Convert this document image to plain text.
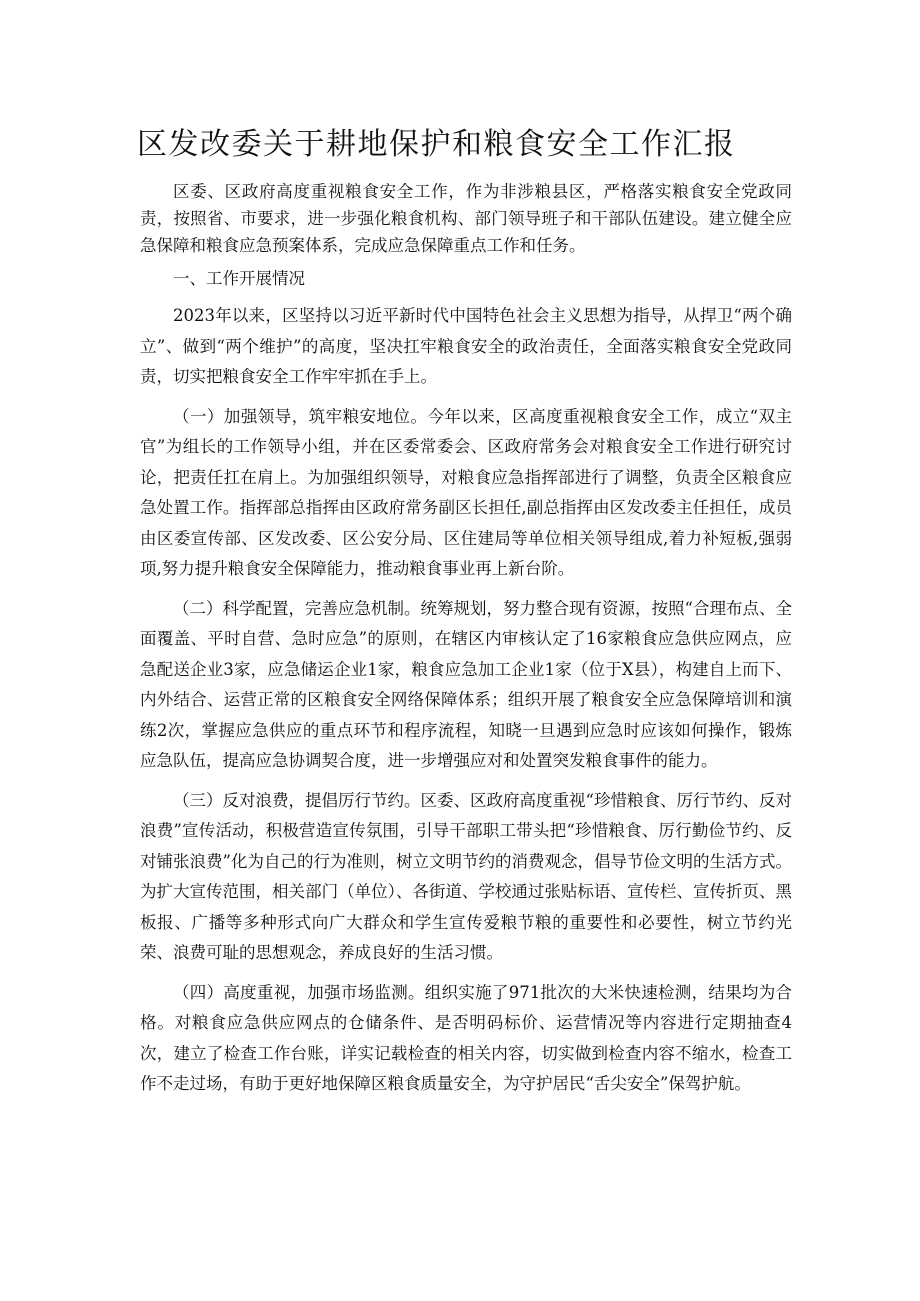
区发改委关于耕地保护和粮食安全工作汇报

区委、区政府高度重视粮食安全工作，作为非涉粮县区，严格落实粮食安全党政同责，按照省、市要求，进一步强化粮食机构、部门领导班子和干部队伍建设。建立健全应急保障和粮食应急预案体系，完成应急保障重点工作和任务。

一、工作开展情况

2023年以来，区坚持以习近平新时代中国特色社会主义思想为指导，从捍卫“两个确立”、做到“两个维护”的高度，坚决扛牢粮食安全的政治责任，全面落实粮食安全党政同责，切实把粮食安全工作牢牢抓在手上。

（一）加强领导，筑牢粮安地位。今年以来，区高度重视粮食安全工作，成立“双主官”为组长的工作领导小组，并在区委常委会、区政府常务会对粮食安全工作进行研究讨论，把责任扛在肩上。为加强组织领导，对粮食应急指挥部进行了调整，负责全区粮食应急处置工作。指挥部总指挥由区政府常务副区长担任,副总指挥由区发改委主任担任，成员由区委宣传部、区发改委、区公安分局、区住建局等单位相关领导组成,着力补短板,强弱项,努力提升粮食安全保障能力，推动粮食事业再上新台阶。

（二）科学配置，完善应急机制。统筹规划，努力整合现有资源，按照“合理布点、全面覆盖、平时自营、急时应急”的原则，在辖区内审核认定了16家粮食应急供应网点，应急配送企业3家，应急储运企业1家，粮食应急加工企业1家（位于X县），构建自上而下、内外结合、运营正常的区粮食安全网络保障体系；组织开展了粮食安全应急保障培训和演练2次，掌握应急供应的重点环节和程序流程，知晓一旦遇到应急时应该如何操作，锻炼应急队伍，提高应急协调契合度，进一步增强应对和处置突发粮食事件的能力。

（三）反对浪费，提倡厉行节约。区委、区政府高度重视“珍惜粮食、厉行节约、反对浪费”宣传活动，积极营造宣传氛围，引导干部职工带头把“珍惜粮食、厉行勤俭节约、反对铺张浪费”化为自己的行为准则，树立文明节约的消费观念，倡导节俭文明的生活方式。为扩大宣传范围，相关部门（单位）、各街道、学校通过张贴标语、宣传栏、宣传折页、黑板报、广播等多种形式向广大群众和学生宣传爱粮节粮的重要性和必要性，树立节约光荣、浪费可耻的思想观念，养成良好的生活习惯。

（四）高度重视，加强市场监测。组织实施了971批次的大米快速检测，结果均为合格。对粮食应急供应网点的仓储条件、是否明码标价、运营情况等内容进行定期抽查4次，建立了检查工作台账，详实记载检查的相关内容，切实做到检查内容不缩水，检查工作不走过场，有助于更好地保障区粮食质量安全，为守护居民“舌尖安全”保驾护航。
